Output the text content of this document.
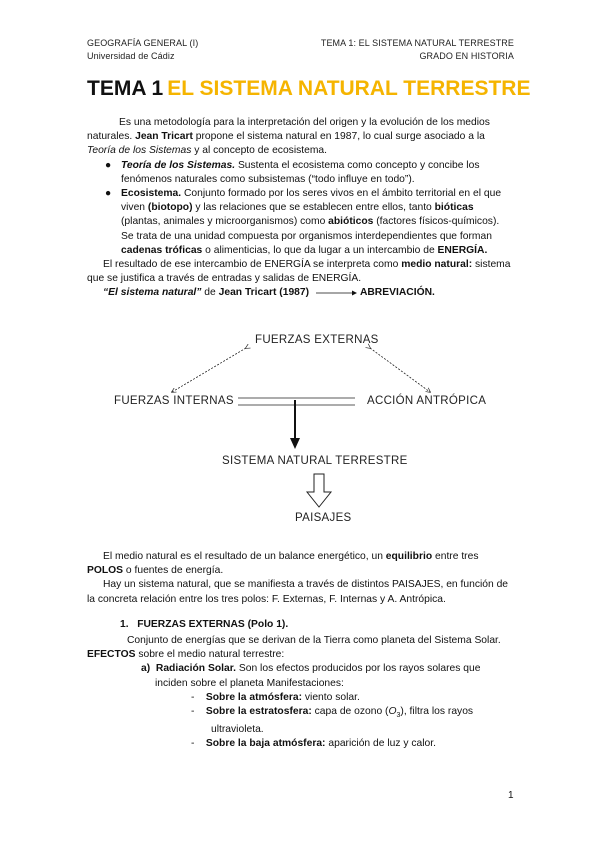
GEOGRAFÍA GENERAL (I)
Universidad de Cádiz
TEMA 1: EL SISTEMA NATURAL TERRESTRE
GRADO EN HISTORIA
TEMA 1 EL SISTEMA NATURAL TERRESTRE

Es una metodología para la interpretación del origen y la evolución de los medios naturales. Jean Tricart propone el sistema natural en 1987, lo cual surge asociado a la Teoría de los Sistemas y al concepto de ecosistema.

● Teoría de los Sistemas. Sustenta el ecosistema como concepto y concibe los fenómenos naturales como subsistemas (“todo influye en todo”).
● Ecosistema. Conjunto formado por los seres vivos en el ámbito territorial en el que viven (biotopo) y las relaciones que se establecen entre ellos, tanto bióticas (plantas, animales y microorganismos) como abióticos (factores físicos-químicos). Se trata de una unidad compuesta por organismos interdependientes que forman cadenas tróficas o alimenticias, lo que da lugar a un intercambio de ENERGÍA.

El resultado de ese intercambio de ENERGÍA se interpreta como medio natural: sistema que se justifica a través de entradas y salidas de ENERGÍA.

“El sistema natural” de Jean Tricart (1987)	ABREVIACIÓN.

FUERZAS EXTERNAS
FUERZAS INTERNAS	ACCIÓN ANTRÓPICA
SISTEMA NATURAL TERRESTRE
PAISAJES

El medio natural es el resultado de un balance energético, un equilibrio entre tres POLOS o fuentes de energía.

Hay un sistema natural, que se manifiesta a través de distintos PAISAJES, en función de la concreta relación entre los tres polos: F. Externas, F. Internas y A. Antrópica.

1. FUERZAS EXTERNAS (Polo 1).

Conjunto de energías que se derivan de la Tierra como planeta del Sistema Solar. EFECTOS sobre el medio natural terrestre:

a) Radiación Solar. Son los efectos producidos por los rayos solares que inciden sobre el planeta Manifestaciones:
- Sobre la atmósfera: viento solar.
- Sobre la estratosfera: capa de ozono $(O_3)$, filtra los rayos ultravioleta.
- Sobre la baja atmósfera: aparición de luz y calor.
1
